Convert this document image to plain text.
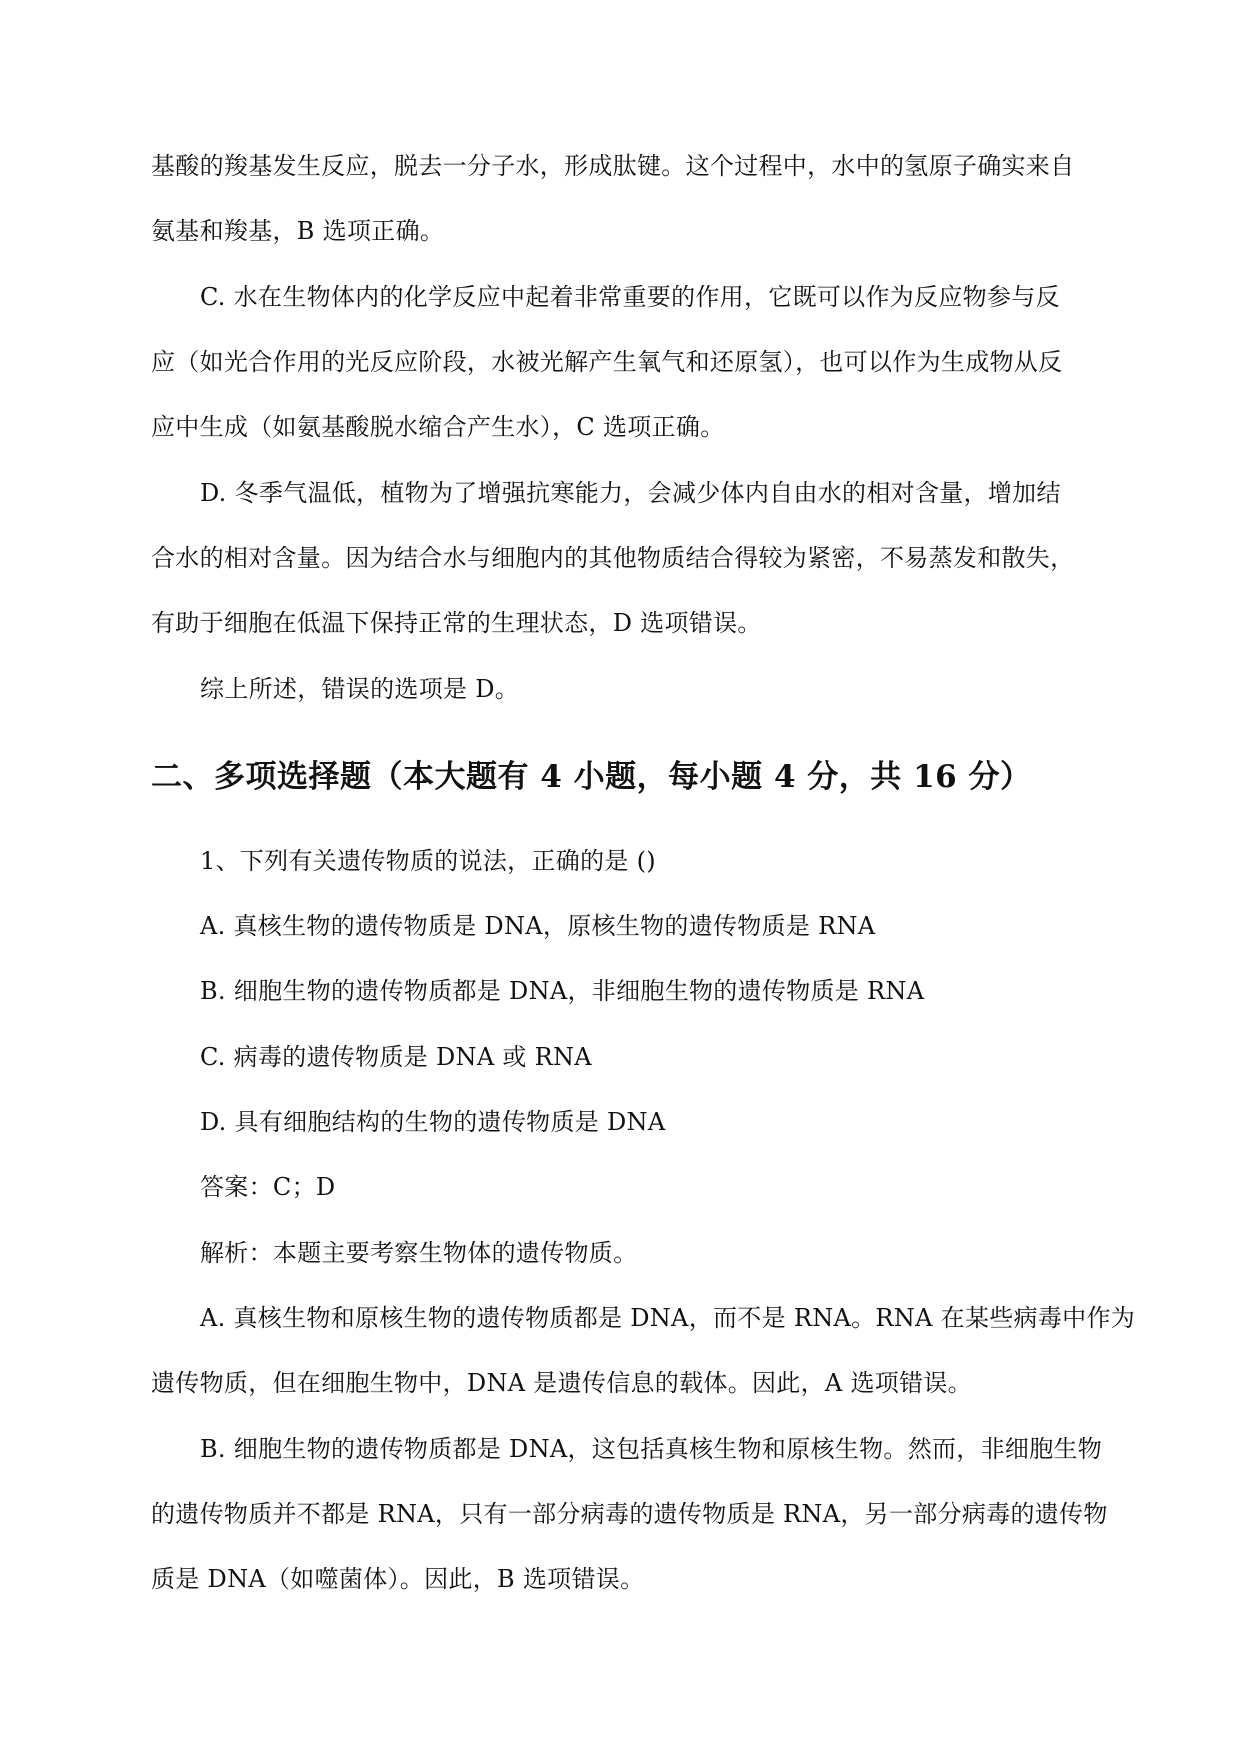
基酸的羧基发生反应，脱去一分子水，形成肽键。这个过程中，水中的氢原子确实来自
氨基和羧基，B 选项正确。
C. 水在生物体内的化学反应中起着非常重要的作用，它既可以作为反应物参与反
应（如光合作用的光反应阶段，水被光解产生氧气和还原氢），也可以作为生成物从反
应中生成（如氨基酸脱水缩合产生水），C 选项正确。
D. 冬季气温低，植物为了增强抗寒能力，会减少体内自由水的相对含量，增加结
合水的相对含量。因为结合水与细胞内的其他物质结合得较为紧密，不易蒸发和散失，
有助于细胞在低温下保持正常的生理状态，D 选项错误。
综上所述，错误的选项是 D。
二、多项选择题（本大题有 4 小题，每小题 4 分，共 16 分）
1、下列有关遗传物质的说法，正确的是 ()
A. 真核生物的遗传物质是 DNA，原核生物的遗传物质是 RNA
B. 细胞生物的遗传物质都是 DNA，非细胞生物的遗传物质是 RNA
C. 病毒的遗传物质是 DNA 或 RNA
D. 具有细胞结构的生物的遗传物质是 DNA
答案：C；D
解析：本题主要考察生物体的遗传物质。
A. 真核生物和原核生物的遗传物质都是 DNA，而不是 RNA。RNA 在某些病毒中作为
遗传物质，但在细胞生物中，DNA 是遗传信息的载体。因此，A 选项错误。
B. 细胞生物的遗传物质都是 DNA，这包括真核生物和原核生物。然而，非细胞生物
的遗传物质并不都是 RNA，只有一部分病毒的遗传物质是 RNA，另一部分病毒的遗传物
质是 DNA（如噬菌体）。因此，B 选项错误。
